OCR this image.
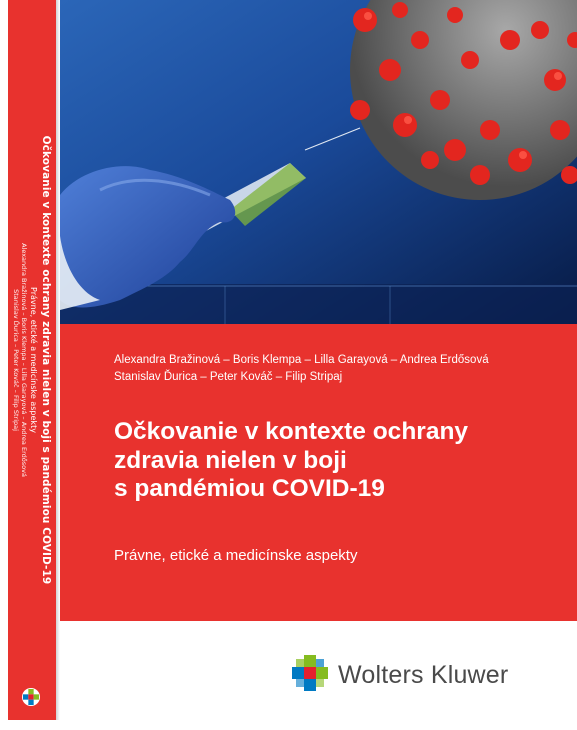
Očkovanie v kontexte ochrany zdravia nielen v boji s pandémiou COVID-19
Právne, etické a medicínske aspekty
Alexandra Bražinová – Boris Klempa – Lilla Garayová – Andrea Erdősová
Stanislav Ďurica – Peter Kováč – Filip Stripaj	Alexandra Bražinová – Boris Klempa – Lilla Garayová – Andrea Erdősová
Stanislav Ďurica – Peter Kováč – Filip Stripaj
Očkovanie v kontexte ochrany
zdravia nielen v boji
s pandémiou COVID-19
Právne, etické a medicínske aspekty
Wolters Kluwer
